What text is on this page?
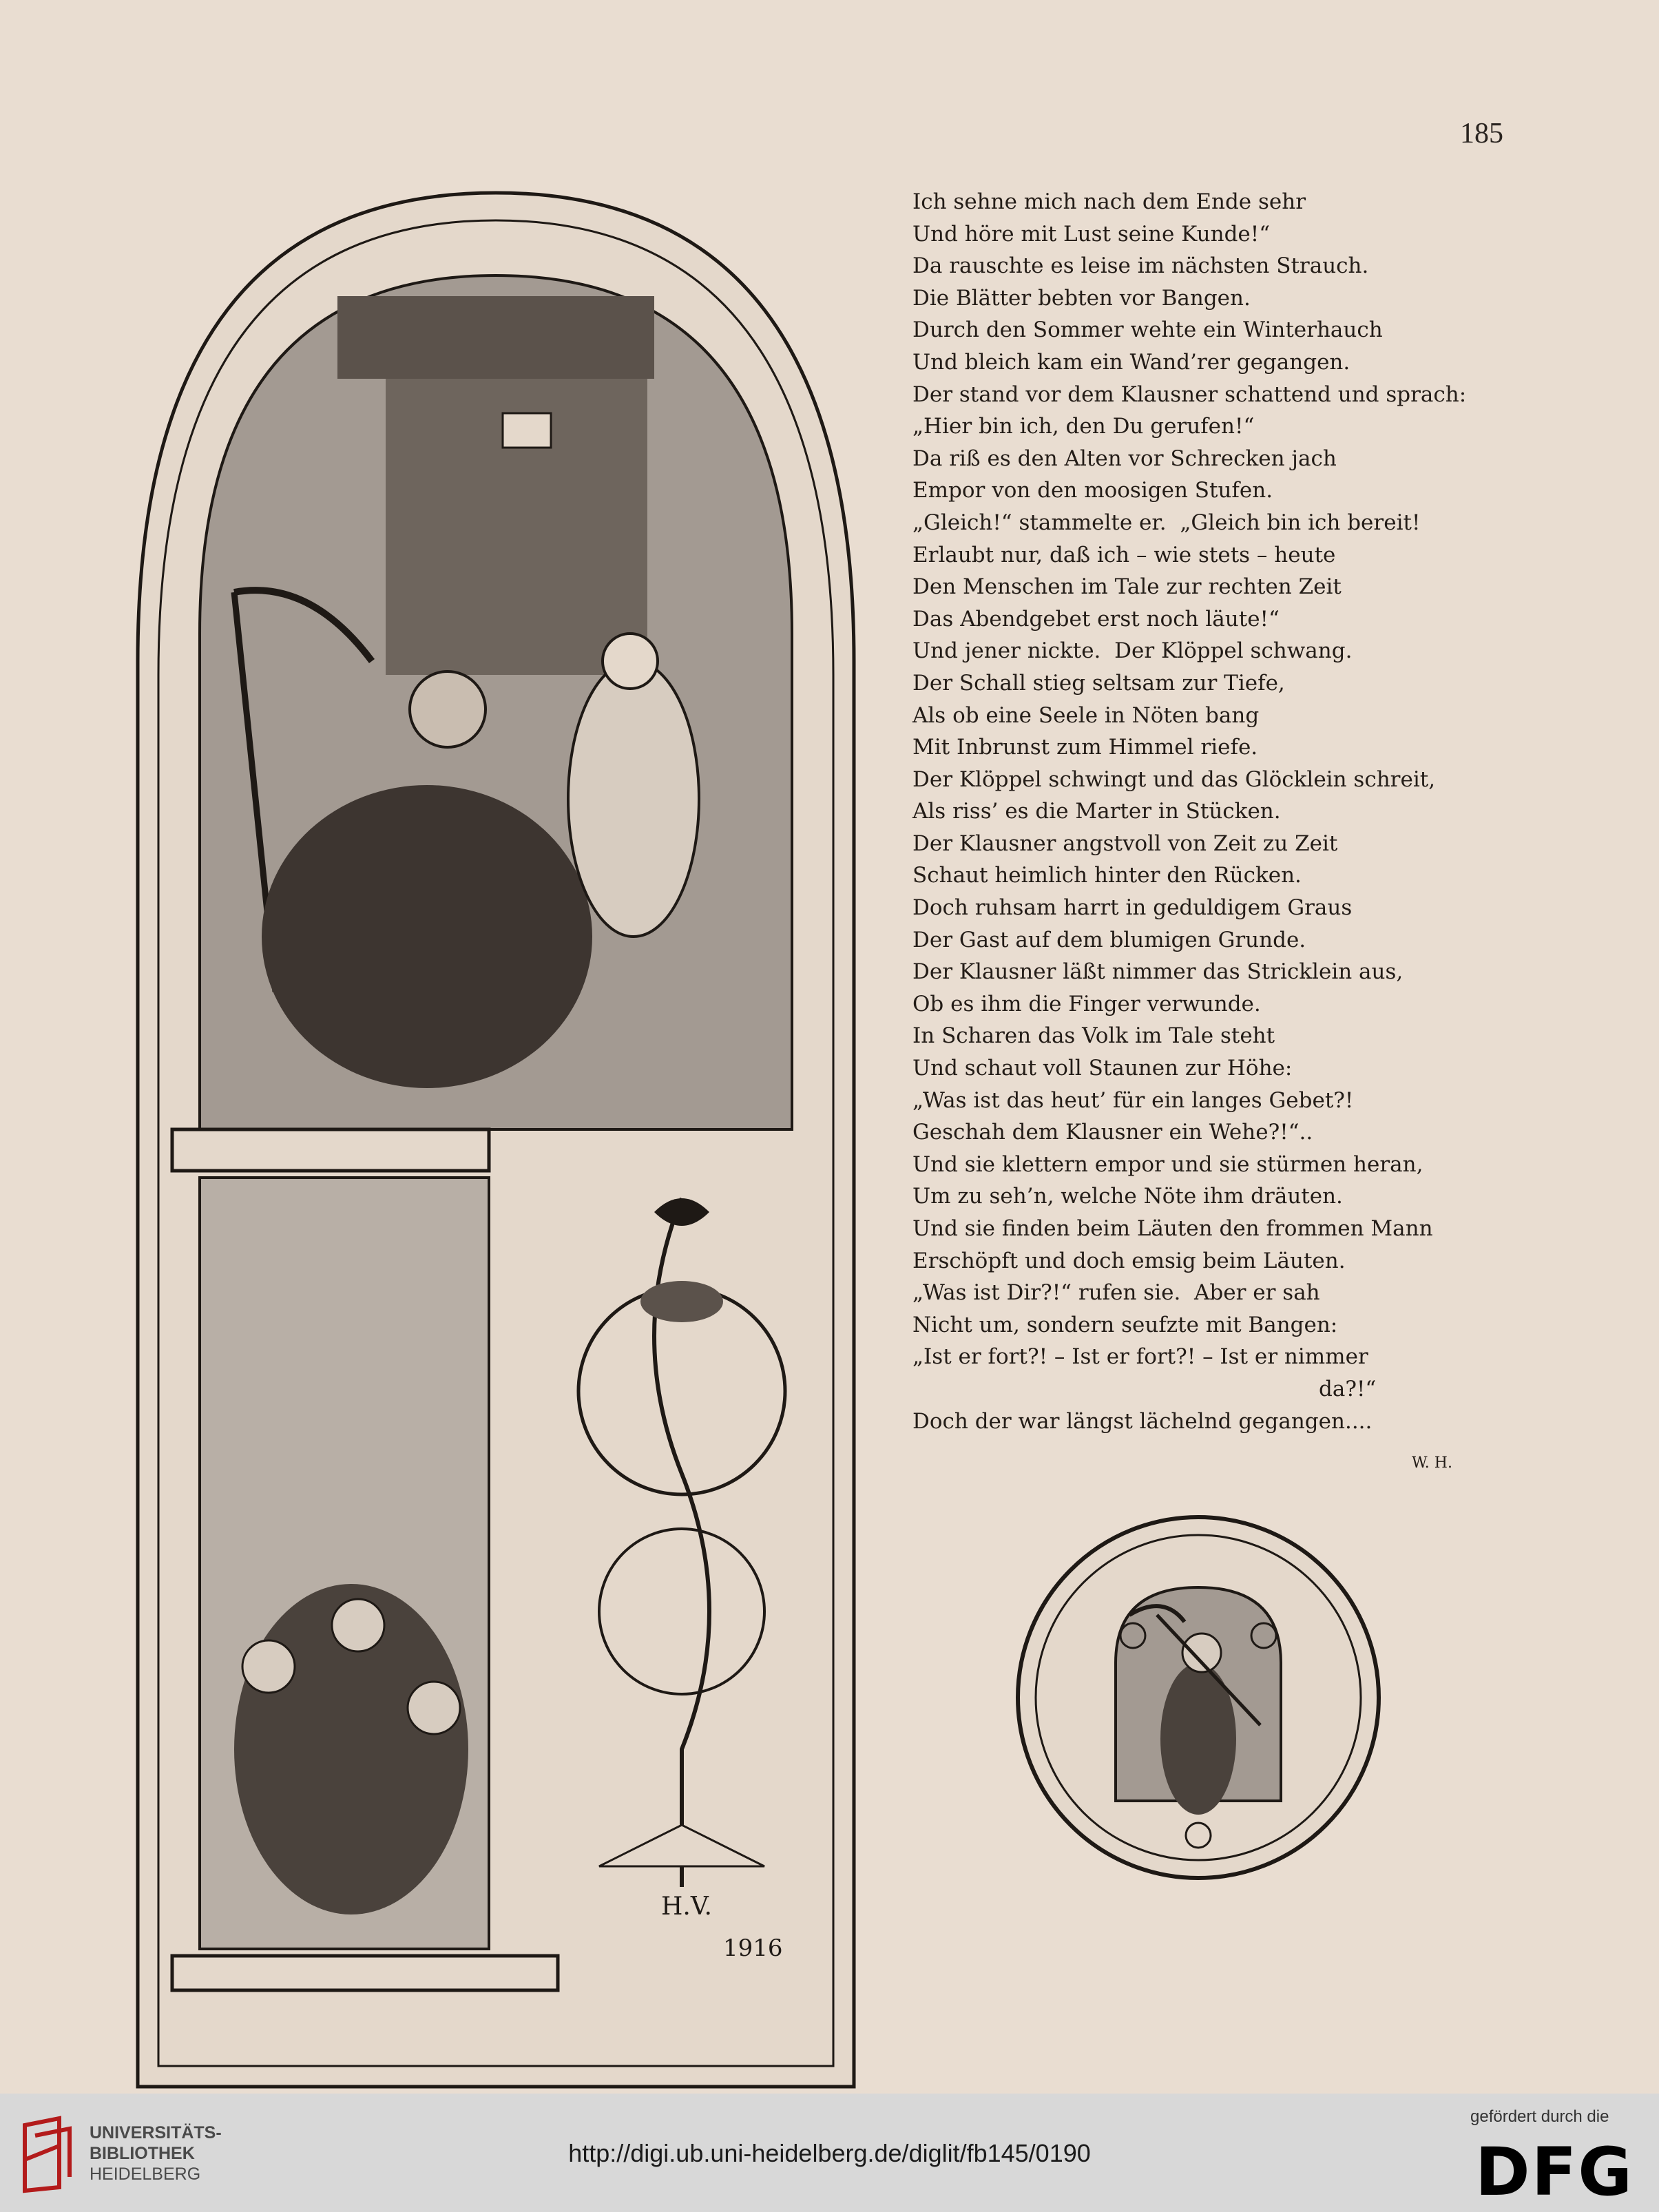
185
H.V.
1916
Ich sehne mich nach dem Ende sehr
Und höre mit Lust seine Kunde!“
Da rauschte es leise im nächsten Strauch.
Die Blätter bebten vor Bangen.
Durch den Sommer wehte ein Winterhauch
Und bleich kam ein Wand’rer gegangen.
Der stand vor dem Klausner schattend und sprach:
„Hier bin ich, den Du gerufen!“
Da riß es den Alten vor Schrecken jach
Empor von den moosigen Stufen.
„Gleich!“ stammelte er.  „Gleich bin ich bereit!
Erlaubt nur, daß ich – wie stets – heute
Den Menschen im Tale zur rechten Zeit
Das Abendgebet erst noch läute!“
Und jener nickte.  Der Klöppel schwang.
Der Schall stieg seltsam zur Tiefe,
Als ob eine Seele in Nöten bang
Mit Inbrunst zum Himmel riefe.
Der Klöppel schwingt und das Glöcklein schreit,
Als riss’ es die Marter in Stücken.
Der Klausner angstvoll von Zeit zu Zeit
Schaut heimlich hinter den Rücken.
Doch ruhsam harrt in geduldigem Graus
Der Gast auf dem blumigen Grunde.
Der Klausner läßt nimmer das Stricklein aus,
Ob es ihm die Finger verwunde.
In Scharen das Volk im Tale steht
Und schaut voll Staunen zur Höhe:
„Was ist das heut’ für ein langes Gebet?!
Geschah dem Klausner ein Wehe?!“..
Und sie klettern empor und sie stürmen heran,
Um zu seh’n, welche Nöte ihm dräuten.
Und sie finden beim Läuten den frommen Mann
Erschöpft und doch emsig beim Läuten.
„Was ist Dir?!“ rufen sie.  Aber er sah
Nicht um, sondern seufzte mit Bangen:
„Ist er fort?! – Ist er fort?! – Ist er nimmer
da?!“
Doch der war längst lächelnd gegangen....
W. H.
UNIVERSITÄTS-
BIBLIOTHEK
HEIDELBERG
http://digi.ub.uni-heidelberg.de/diglit/fb145/0190
gefördert durch die
DFG
